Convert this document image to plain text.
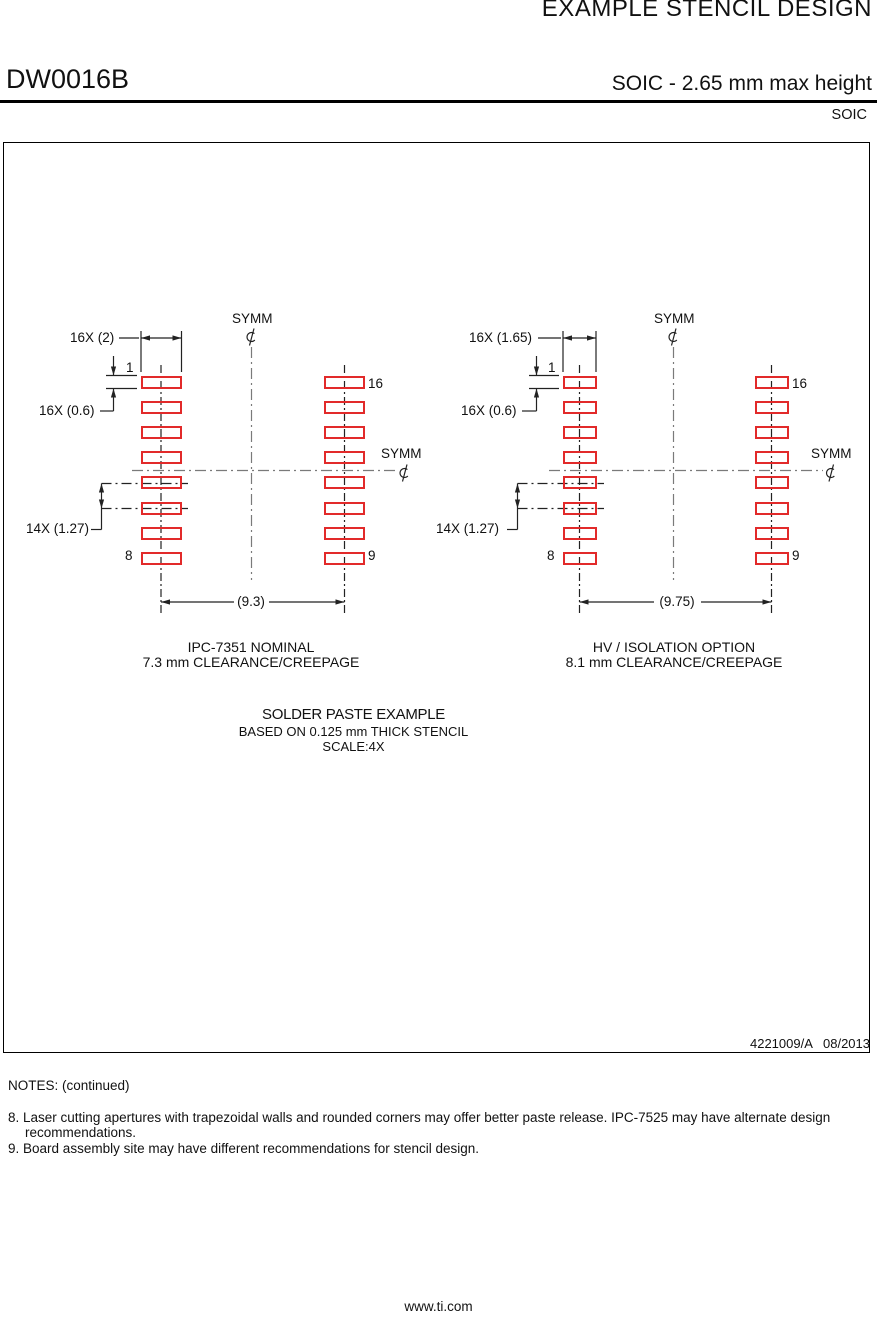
EXAMPLE STENCIL DESIGN
DW0016B	SOIC - 2.65 mm max height
SOIC
4221009/A   08/2013
16X (2)
1
16X (0.6)
14X (1.27)
8
16
9
SYMM
SYMM
(9.3)
IPC-7351 NOMINAL
7.3 mm CLEARANCE/CREEPAGE
16X (1.65)
1
16X (0.6)
14X (1.27)
8
16
9
SYMM
SYMM
(9.75)
HV / ISOLATION OPTION
8.1 mm CLEARANCE/CREEPAGE
SOLDER PASTE EXAMPLE
BASED ON 0.125 mm THICK STENCIL
SCALE:4X
NOTES: (continued)
8. Laser cutting apertures with trapezoidal walls and rounded corners may offer better paste release. IPC-7525 may have alternate design recommendations.
9. Board assembly site may have different recommendations for stencil design.
www.ti.com
